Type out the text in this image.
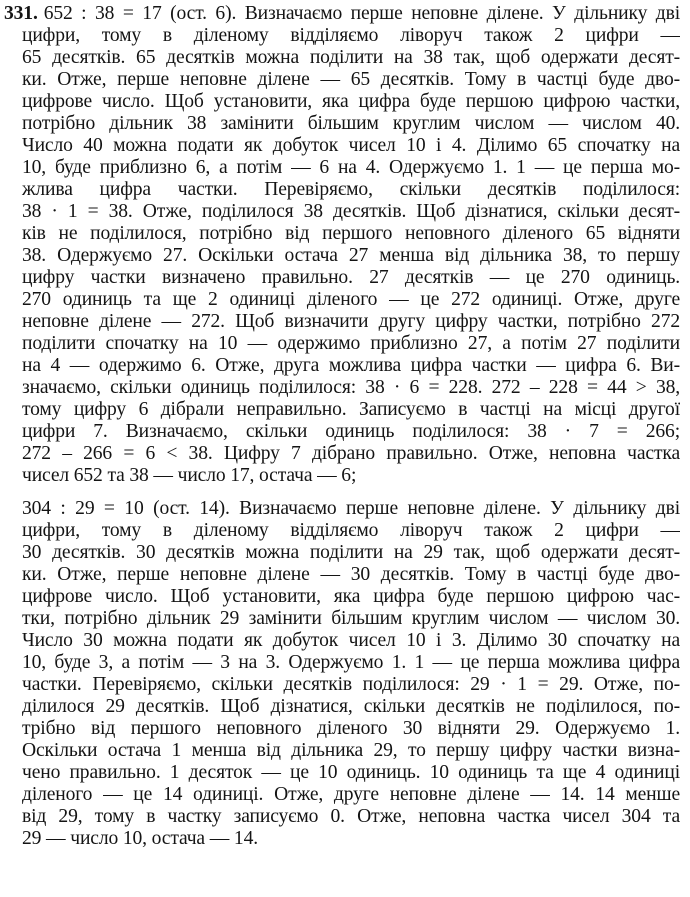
331. 652 : 38 = 17 (ост. 6). Визначаємо перше неповне ділене. У дільнику дві
цифри, тому в діленому відділяємо ліворуч також 2 цифри —
65 десятків. 65 десятків можна поділити на 38 так, щоб одержати десят-
ки. Отже, перше неповне ділене — 65 десятків. Тому в частці буде дво-
цифрове число. Щоб установити, яка цифра буде першою цифрою частки,
потрібно дільник 38 замінити більшим круглим числом — числом 40.
Число 40 можна подати як добуток чисел 10 і 4. Ділимо 65 спочатку на
10, буде приблизно 6, а потім — 6 на 4. Одержуємо 1. 1 — це перша мо-
жлива цифра частки. Перевіряємо, скільки десятків поділилося:
38 · 1 = 38. Отже, поділилося 38 десятків. Щоб дізнатися, скільки десят-
ків не поділилося, потрібно від першого неповного діленого 65 відняти
38. Одержуємо 27. Оскільки остача 27 менша від дільника 38, то першу
цифру частки визначено правильно. 27 десятків — це 270 одиниць.
270 одиниць та ще 2 одиниці діленого — це 272 одиниці. Отже, друге
неповне ділене — 272. Щоб визначити другу цифру частки, потрібно 272
поділити спочатку на 10 — одержимо приблизно 27, а потім 27 поділити
на 4 — одержимо 6. Отже, друга можлива цифра частки — цифра 6. Ви-
значаємо, скільки одиниць поділилося: 38 · 6 = 228. 272 – 228 = 44 > 38,
тому цифру 6 дібрали неправильно. Записуємо в частці на місці другої
цифри 7. Визначаємо, скільки одиниць поділилося: 38 · 7 = 266;
272 – 266 = 6 < 38. Цифру 7 дібрано правильно. Отже, неповна частка
чисел 652 та 38 — число 17, остача — 6;
304 : 29 = 10 (ост. 14). Визначаємо перше неповне ділене. У дільнику дві
цифри, тому в діленому відділяємо ліворуч також 2 цифри —
30 десятків. 30 десятків можна поділити на 29 так, щоб одержати десят-
ки. Отже, перше неповне ділене — 30 десятків. Тому в частці буде дво-
цифрове число. Щоб установити, яка цифра буде першою цифрою час-
тки, потрібно дільник 29 замінити більшим круглим числом — числом 30.
Число 30 можна подати як добуток чисел 10 і 3. Ділимо 30 спочатку на
10, буде 3, а потім — 3 на 3. Одержуємо 1. 1 — це перша можлива цифра
частки. Перевіряємо, скільки десятків поділилося: 29 · 1 = 29. Отже, по-
ділилося 29 десятків. Щоб дізнатися, скільки десятків не поділилося, по-
трібно від першого неповного діленого 30 відняти 29. Одержуємо 1.
Оскільки остача 1 менша від дільника 29, то першу цифру частки визна-
чено правильно. 1 десяток — це 10 одиниць. 10 одиниць та ще 4 одиниці
діленого — це 14 одиниці. Отже, друге неповне ділене — 14. 14 менше
від 29, тому в частку записуємо 0. Отже, неповна частка чисел 304 та
29 — число 10, остача — 14.
